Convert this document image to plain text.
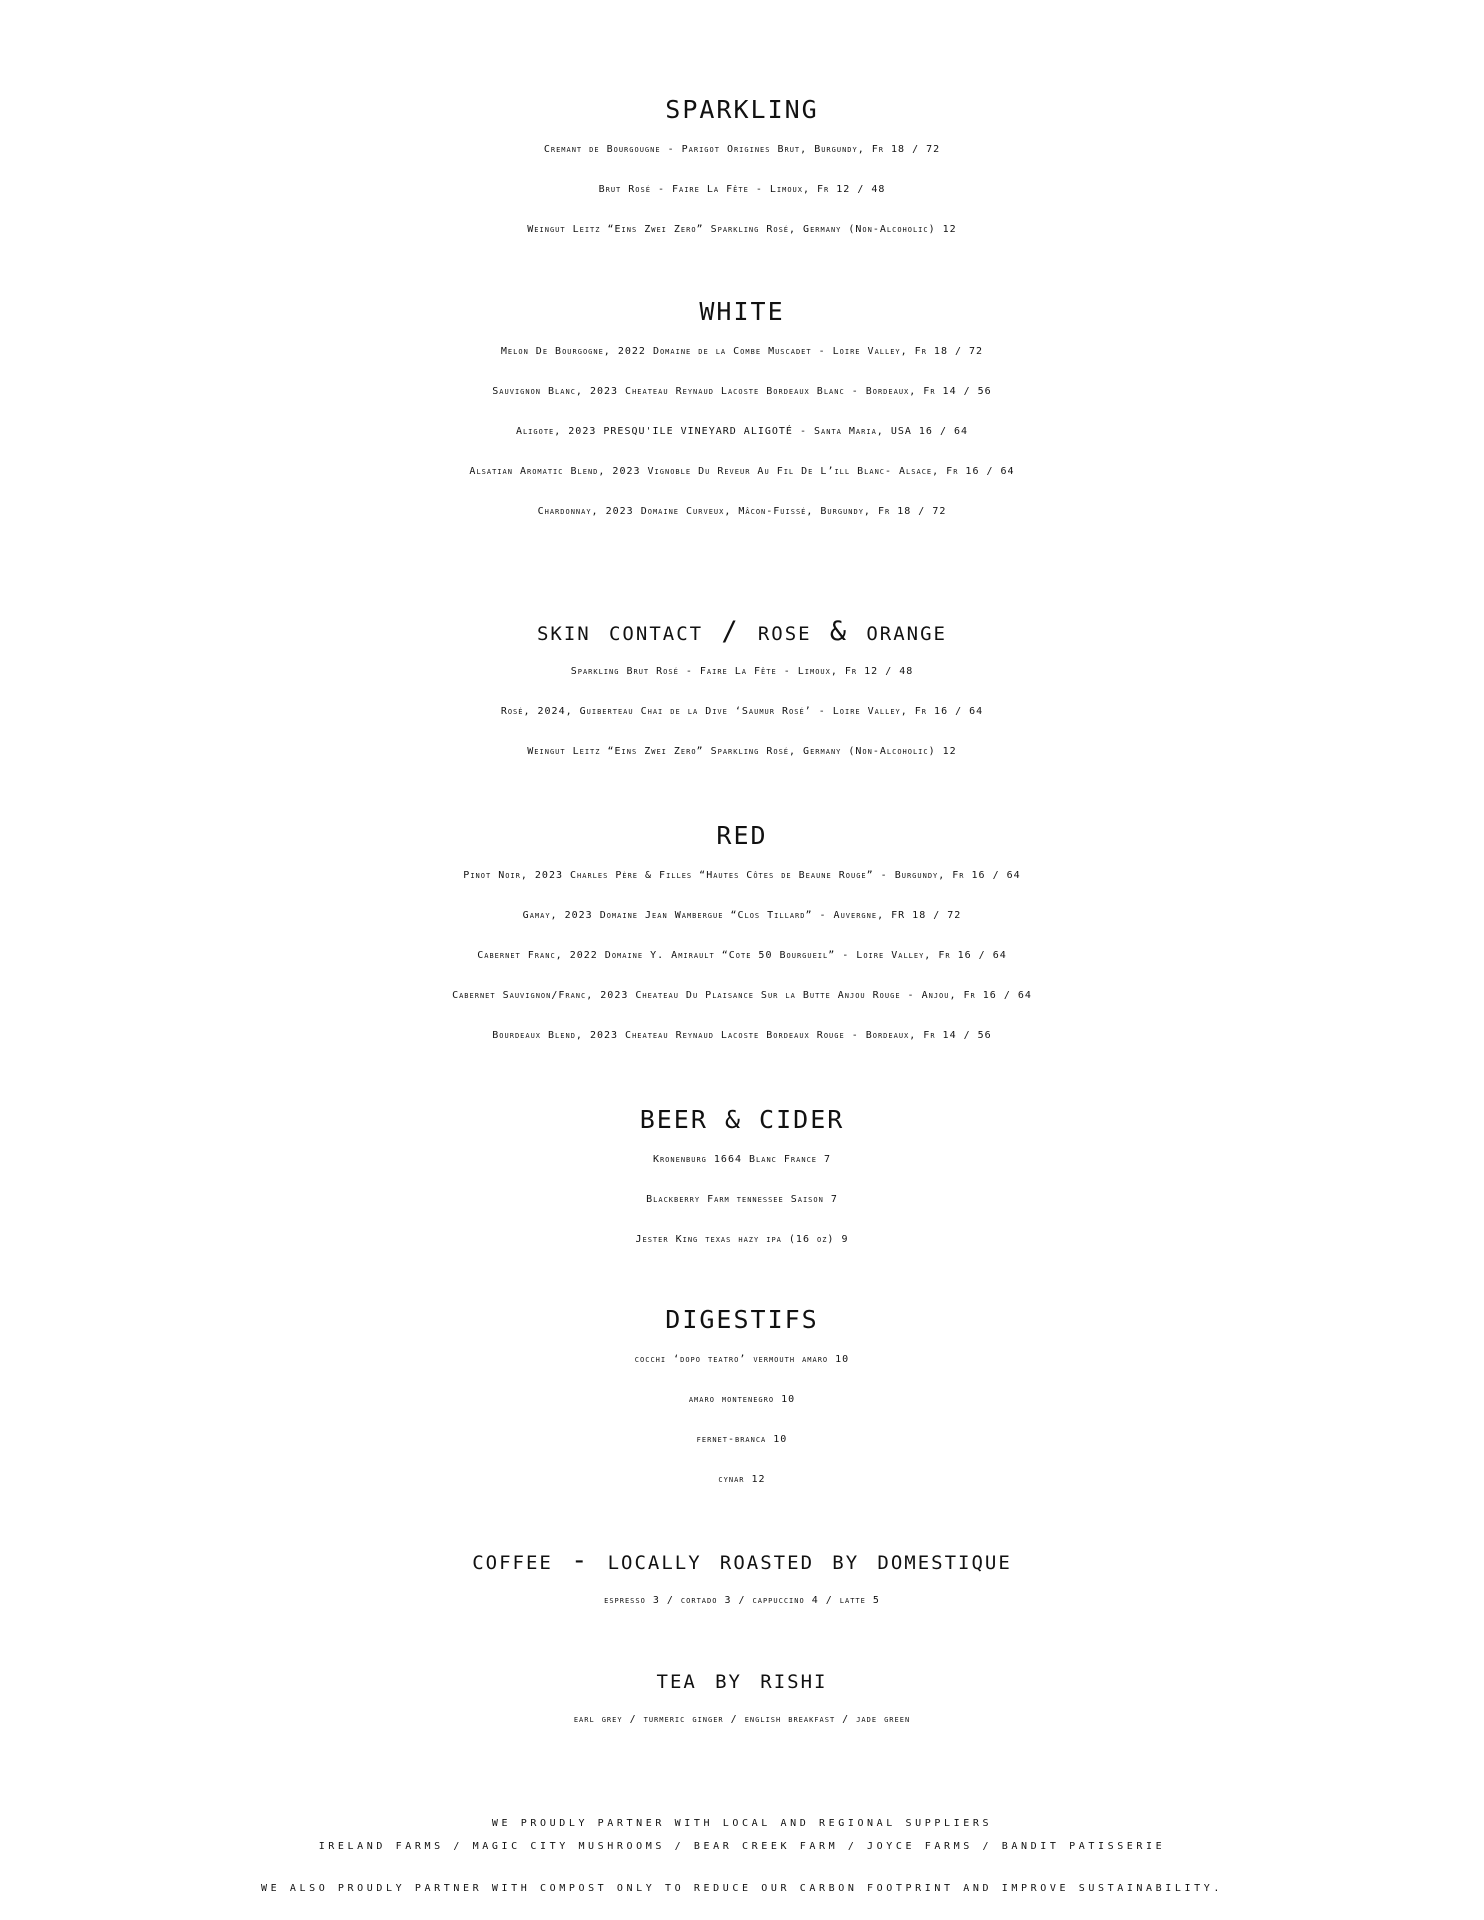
SPARKLING

Cremant de Bourgougne - Parigot Origines Brut, Burgundy, Fr 18 / 72

Brut Rosé - Faire La Fête - Limoux, Fr 12 / 48

Weingut Leitz “Eins Zwei Zero” Sparkling Rosé, Germany (Non-Alcoholic) 12

WHITE

Melon De Bourgogne, 2022 Domaine de la Combe Muscadet - Loire Valley, Fr 18 / 72

Sauvignon Blanc, 2023 Cheateau Reynaud Lacoste Bordeaux Blanc - Bordeaux, Fr 14 / 56

Aligote, 2023 PRESQU'ILE VINEYARD ALIGOTÉ - Santa Maria, USA 16 / 64

Alsatian Aromatic Blend, 2023 Vignoble Du Reveur Au Fil De L’ill Blanc- Alsace, Fr 16 / 64

Chardonnay, 2023 Domaine Curveux, Mâcon-Fuissé, Burgundy, Fr 18 / 72

skin contact / rose & orange

Sparkling Brut Rosé - Faire La Fête - Limoux, Fr 12 / 48

Rosé, 2024, Guiberteau Chai de la Dive ‘Saumur Rosé’ - Loire Valley, Fr 16 / 64

Weingut Leitz “Eins Zwei Zero” Sparkling Rosé, Germany (Non-Alcoholic) 12

RED

Pinot Noir, 2023 Charles Père & Filles “Hautes Côtes de Beaune Rouge” - Burgundy, Fr 16 / 64

Gamay, 2023 Domaine Jean Wambergue “Clos Tillard” - Auvergne, FR 18 / 72

Cabernet Franc, 2022 Domaine Y. Amirault “Cote 50 Bourgueil” - Loire Valley, Fr 16 / 64

Cabernet Sauvignon/Franc, 2023 Cheateau Du Plaisance Sur la Butte Anjou Rouge - Anjou, Fr 16 / 64

Bourdeaux Blend, 2023 Cheateau Reynaud Lacoste Bordeaux Rouge - Bordeaux, Fr 14 / 56

BEER & CIDER

Kronenburg 1664 Blanc France 7

Blackberry Farm tennessee Saison 7

Jester King texas hazy ipa (16 oz) 9

DIGESTIFS

cocchi ‘dopo teatro’ vermouth amaro 10

amaro montenegro 10

fernet-branca 10

cynar 12

coffee - locally roasted by domestique

espresso 3 / cortado 3 / cappuccino 4 / latte 5

tea by rishi

earl grey / turmeric ginger / english breakfast / jade green

WE PROUDLY PARTNER WITH LOCAL AND REGIONAL SUPPLIERS
IRELAND FARMS / MAGIC CITY MUSHROOMS / BEAR CREEK FARM / JOYCE FARMS / BANDIT PATISSERIE
WE ALSO PROUDLY PARTNER WITH COMPOST ONLY TO REDUCE OUR CARBON FOOTPRINT AND IMPROVE SUSTAINABILITY.
